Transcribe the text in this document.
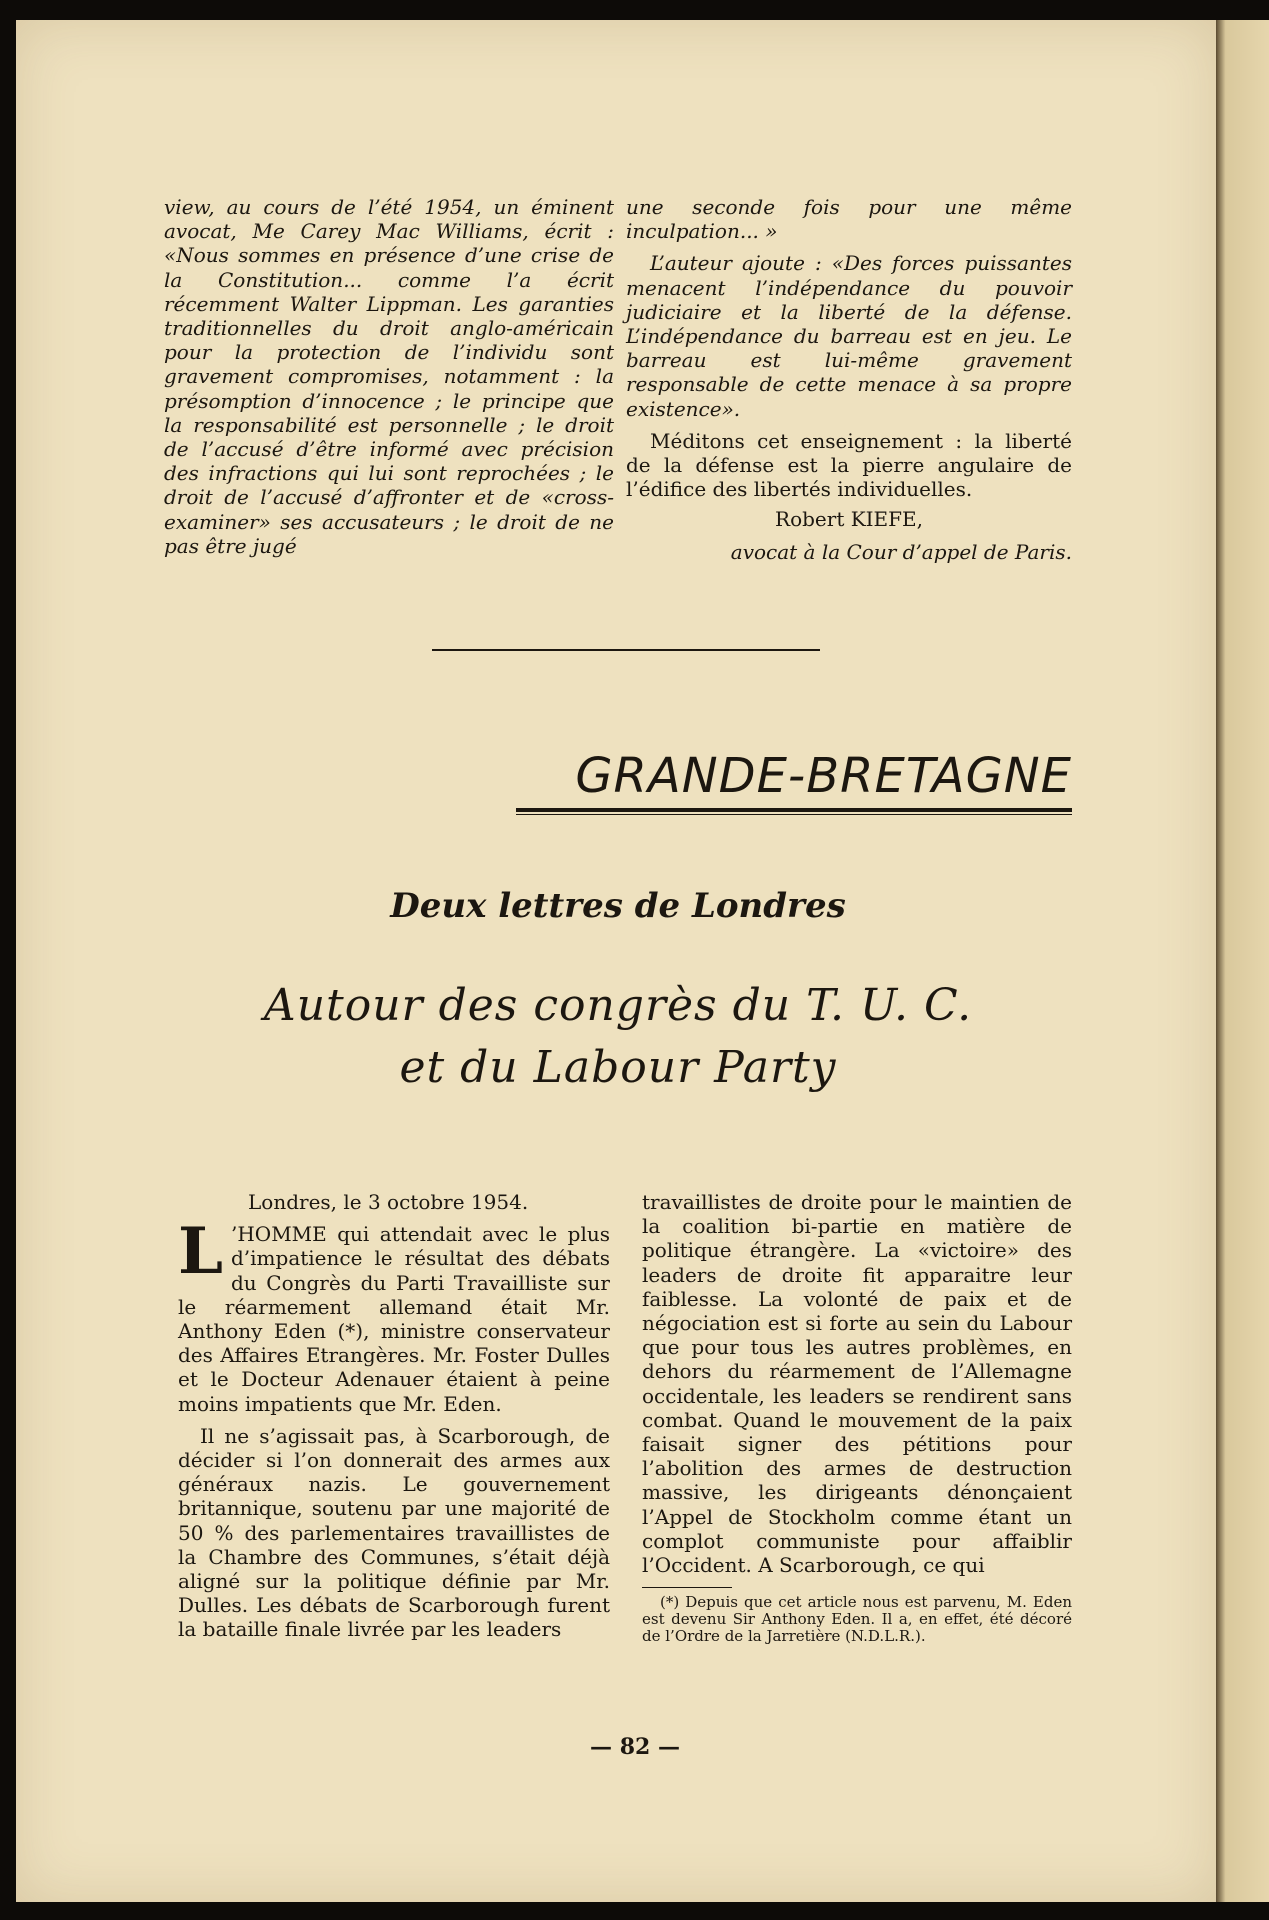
view, au cours de l’été 1954, un éminent avocat, Me Carey Mac Williams, écrit : «Nous sommes en présence d’une crise de la Constitution... comme l’a écrit récemment Walter Lippman. Les garanties traditionnelles du droit anglo-américain pour la protection de l’individu sont gravement compromises, notamment : la présomption d’innocence ; le principe que la responsabilité est personnelle ; le droit de l’accusé d’être informé avec précision des infractions qui lui sont reprochées ; le droit de l’accusé d’affronter et de «cross-examiner» ses accusateurs ; le droit de ne pas être jugé

une seconde fois pour une même inculpation... »

L’auteur ajoute : «Des forces puissantes menacent l’indépendance du pouvoir judiciaire et la liberté de la défense. L’indépendance du barreau est en jeu. Le barreau est lui-même gravement responsable de cette menace à sa propre existence».

Méditons cet enseignement : la liberté de la défense est la pierre angulaire de l’édifice des libertés individuelles.

Robert KIEFE,

avocat à la Cour d’appel de Paris.

GRANDE-BRETAGNE
Deux lettres de Londres
Autour des congrès du T. U. C.
et du Labour Party

Londres, le 3 octobre 1954.

L ’HOMME qui attendait avec le plus d’impatience le résultat des débats du Congrès du Parti Travailliste sur le réarmement allemand était Mr. Anthony Eden (*), ministre conservateur des Affaires Etrangères. Mr. Foster Dulles et le Docteur Adenauer étaient à peine moins impatients que Mr. Eden.

Il ne s’agissait pas, à Scarborough, de décider si l’on donnerait des armes aux généraux nazis. Le gouvernement britannique, soutenu par une majorité de 50 % des parlementaires travaillistes de la Chambre des Communes, s’était déjà aligné sur la politique définie par Mr. Dulles. Les débats de Scarborough furent la bataille finale livrée par les leaders

travaillistes de droite pour le maintien de la coalition bi-partie en matière de politique étrangère. La «victoire» des leaders de droite fit apparaitre leur faiblesse. La volonté de paix et de négociation est si forte au sein du Labour que pour tous les autres problèmes, en dehors du réarmement de l’Allemagne occidentale, les leaders se rendirent sans combat. Quand le mouvement de la paix faisait signer des pétitions pour l’abolition des armes de destruction massive, les dirigeants dénonçaient l’Appel de Stockholm comme étant un complot communiste pour affaiblir l’Occident. A Scarborough, ce qui

(*) Depuis que cet article nous est parvenu, M. Eden est devenu Sir Anthony Eden. Il a, en effet, été décoré de l’Ordre de la Jarretière (N.D.L.R.).

— 82 —
